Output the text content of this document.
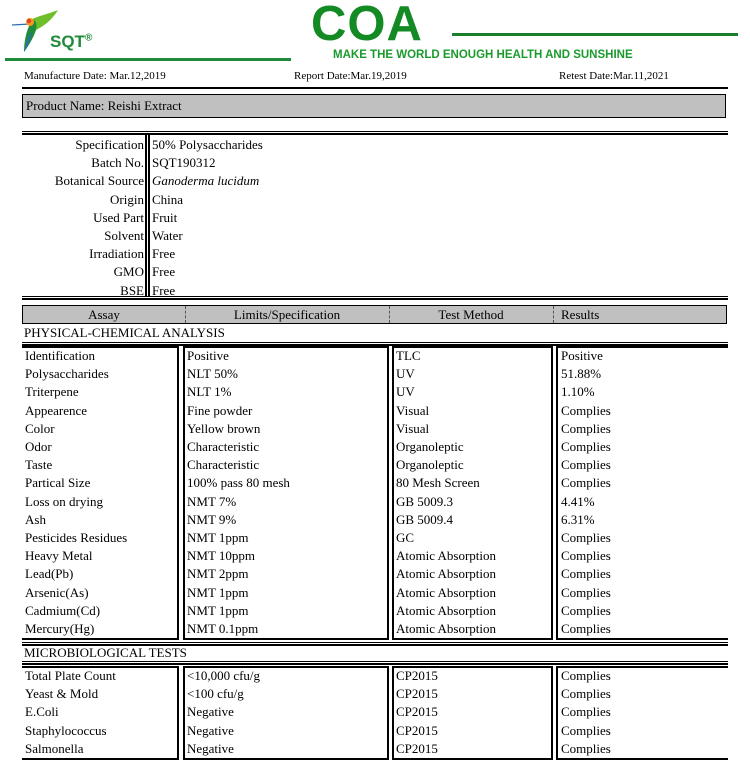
SQT®	COA
MAKE THE WORLD ENOUGH HEALTH AND SUNSHINE
Manufacture Date: Mar.12,2019	Report Date:Mar.19,2019	Retest Date:Mar.11,2021
Product Name: Reishi Extract
Specification 50% Polysaccharides
Batch No. SQT190312
Botanical Source Ganoderma lucidum
Origin China
Used Part Fruit
Solvent Water
Irradiation Free
GMO Free
BSE Free
Assay	Limits/Specification	Test Method	Results
PHYSICAL-CHEMICAL ANALYSIS
Identification	Positive	TLC	Positive
Polysaccharides	NLT 50%	UV	51.88%
Triterpene	NLT 1%	UV	1.10%
Appearence	Fine powder	Visual	Complies
Color	Yellow brown	Visual	Complies
Odor	Characteristic	Organoleptic	Complies
Taste	Characteristic	Organoleptic	Complies
Partical Size	100% pass 80 mesh	80 Mesh Screen	Complies
Loss on drying	NMT 7%	GB 5009.3	4.41%
Ash	NMT 9%	GB 5009.4	6.31%
Pesticides Residues	NMT 1ppm	GC	Complies
Heavy Metal	NMT 10ppm	Atomic Absorption	Complies
Lead(Pb)	NMT 2ppm	Atomic Absorption	Complies
Arsenic(As)	NMT 1ppm	Atomic Absorption	Complies
Cadmium(Cd)	NMT 1ppm	Atomic Absorption	Complies
Mercury(Hg)	NMT 0.1ppm	Atomic Absorption	Complies
MICROBIOLOGICAL TESTS
Total Plate Count	<10,000 cfu/g	CP2015	Complies
Yeast & Mold	<100 cfu/g	CP2015	Complies
E.Coli	Negative	CP2015	Complies
Staphylococcus	Negative	CP2015	Complies
Salmonella	Negative	CP2015	Complies
